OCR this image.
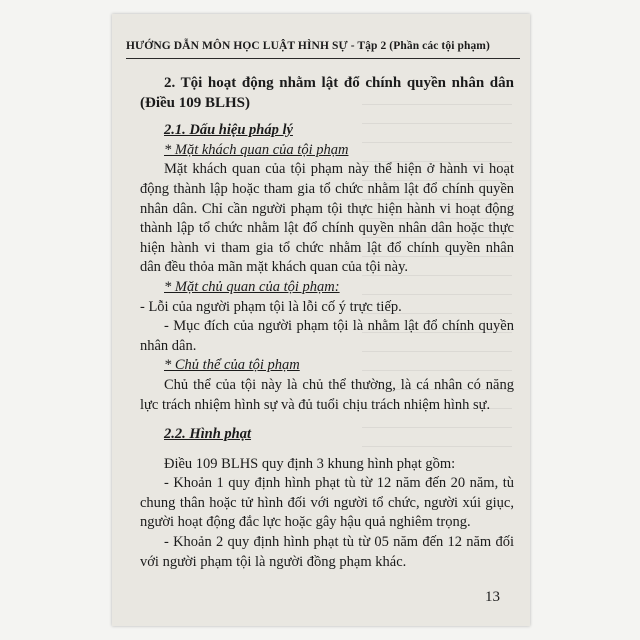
HƯỚNG DẪN MÔN HỌC LUẬT HÌNH SỰ - Tập 2 (Phần các tội phạm)

2. Tội hoạt động nhằm lật đổ chính quyền nhân dân (Điều 109 BLHS)

2.1. Dấu hiệu pháp lý

* Mặt khách quan của tội phạm

Mặt khách quan của tội phạm này thể hiện ở hành vi hoạt động thành lập hoặc tham gia tổ chức nhằm lật đổ chính quyền nhân dân. Chỉ cần người phạm tội thực hiện hành vi hoạt động thành lập tổ chức nhằm lật đổ chính quyền nhân dân hoặc thực hiện hành vi tham gia tổ chức nhằm lật đổ chính quyền nhân dân đều thỏa mãn mặt khách quan của tội này.

* Mặt chủ quan của tội phạm:

- Lỗi của người phạm tội là lỗi cố ý trực tiếp.

- Mục đích của người phạm tội là nhằm lật đổ chính quyền nhân dân.

* Chủ thể của tội phạm

Chủ thể của tội này là chủ thể thường, là cá nhân có năng lực trách nhiệm hình sự và đủ tuổi chịu trách nhiệm hình sự.

2.2. Hình phạt

Điều 109 BLHS quy định 3 khung hình phạt gồm:

- Khoản 1 quy định hình phạt tù từ 12 năm đến 20 năm, tù chung thân hoặc tử hình đối với người tổ chức, người xúi giục, người hoạt động đắc lực hoặc gây hậu quả nghiêm trọng.

- Khoản 2 quy định hình phạt tù từ 05 năm đến 12 năm đối với người phạm tội là người đồng phạm khác.

13
